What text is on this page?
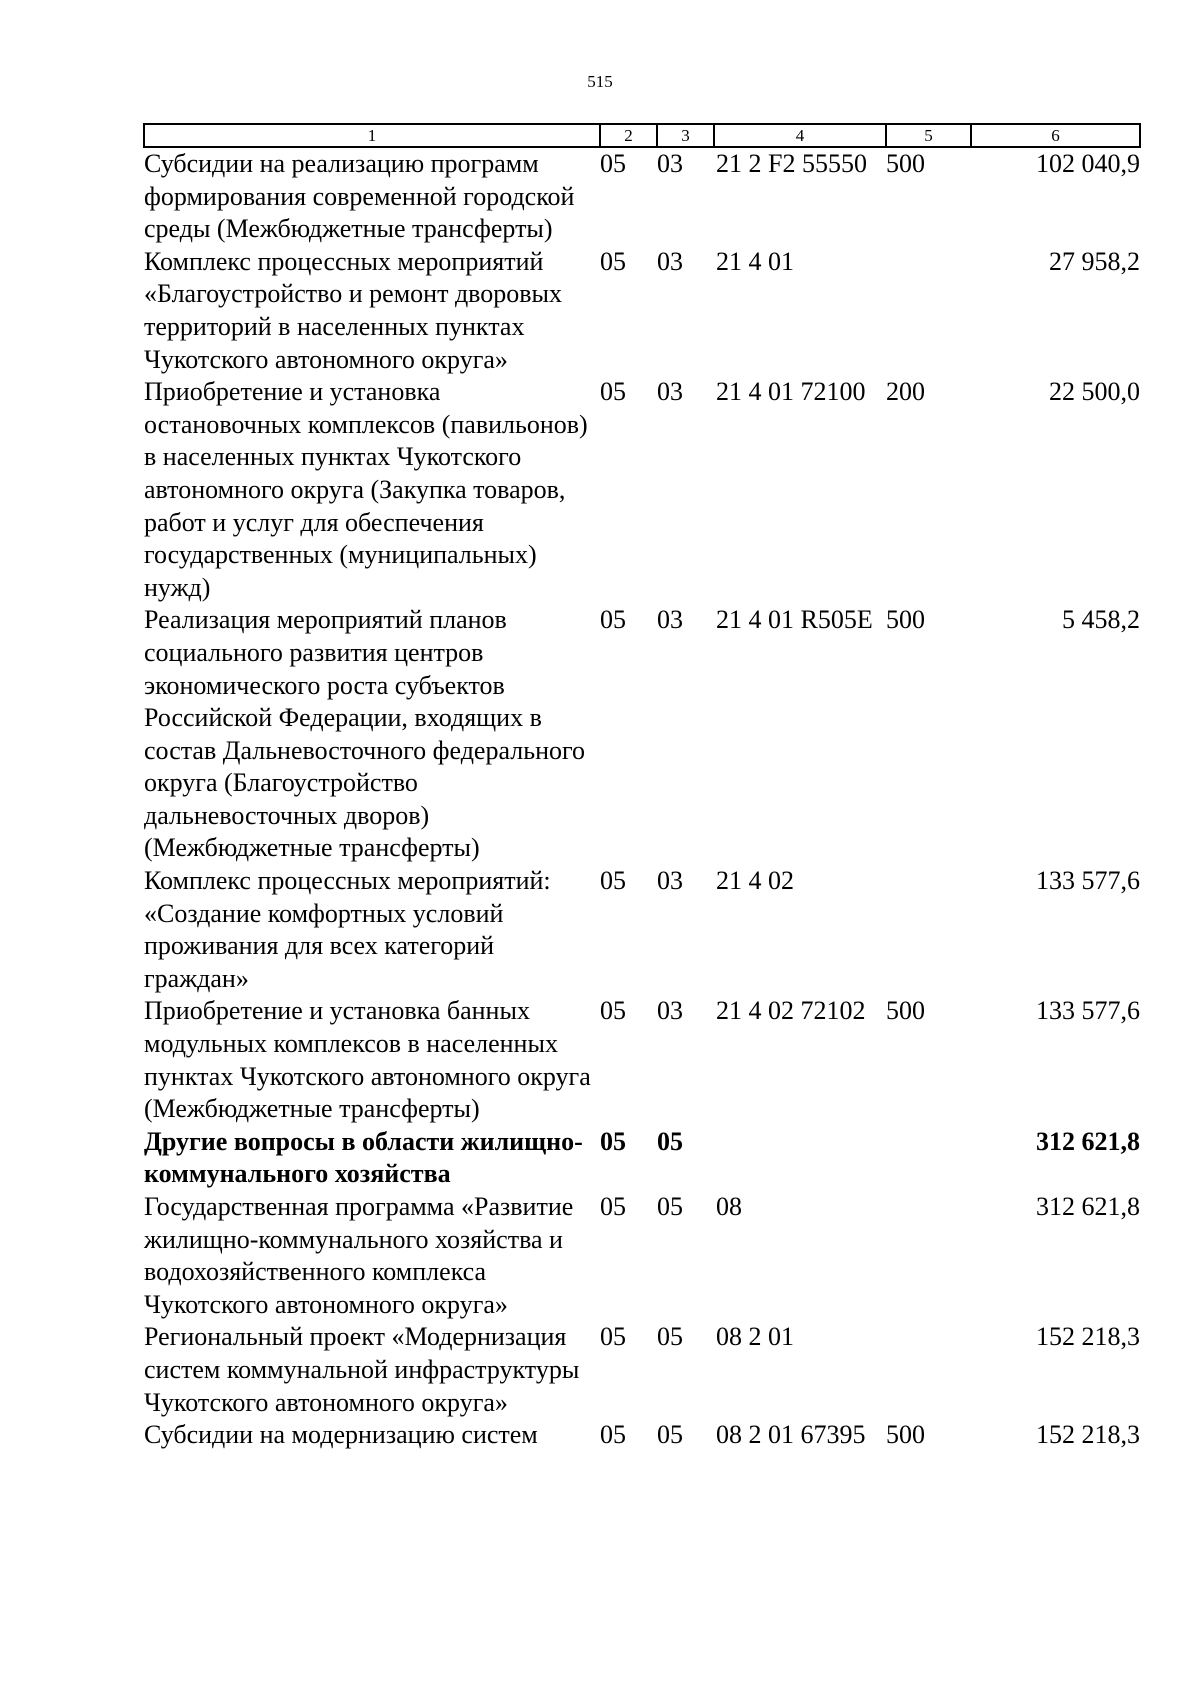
515
1	2	3	4	5	6
Субсидии на реализацию программ формирования современной городской среды (Межбюджетные трансферты)	05	03	21 2 F2 55550	500	102 040,9
Комплекс процессных мероприятий «Благоустройство и ремонт дворовых территорий в населенных пунктах Чукотского автономного округа»	05	03	21 4 01		27 958,2
Приобретение и установка остановочных комплексов (павильонов) в населенных пунктах Чукотского автономного округа (Закупка товаров, работ и услуг для обеспечения государственных (муниципальных) нужд)	05	03	21 4 01 72100	200	22 500,0
Реализация мероприятий планов социального развития центров экономического роста субъектов Российской Федерации, входящих в состав Дальневосточного федерального округа (Благоустройство дальневосточных дворов) (Межбюджетные трансферты)	05	03	21 4 01 R505E	500	5 458,2
Комплекс процессных мероприятий: «Создание комфортных условий проживания для всех категорий граждан»	05	03	21 4 02		133 577,6
Приобретение и установка банных модульных комплексов в населенных пунктах Чукотского автономного округа (Межбюджетные трансферты)	05	03	21 4 02 72102	500	133 577,6
Другие вопросы в области жилищно-коммунального хозяйства	05	05			312 621,8
Государственная программа «Развитие жилищно-коммунального хозяйства и водохозяйственного комплекса Чукотского автономного округа»	05	05	08		312 621,8
Региональный проект «Модернизация систем коммунальной инфраструктуры Чукотского автономного округа»	05	05	08 2 01		152 218,3
Субсидии на модернизацию систем	05	05	08 2 01 67395	500	152 218,3
